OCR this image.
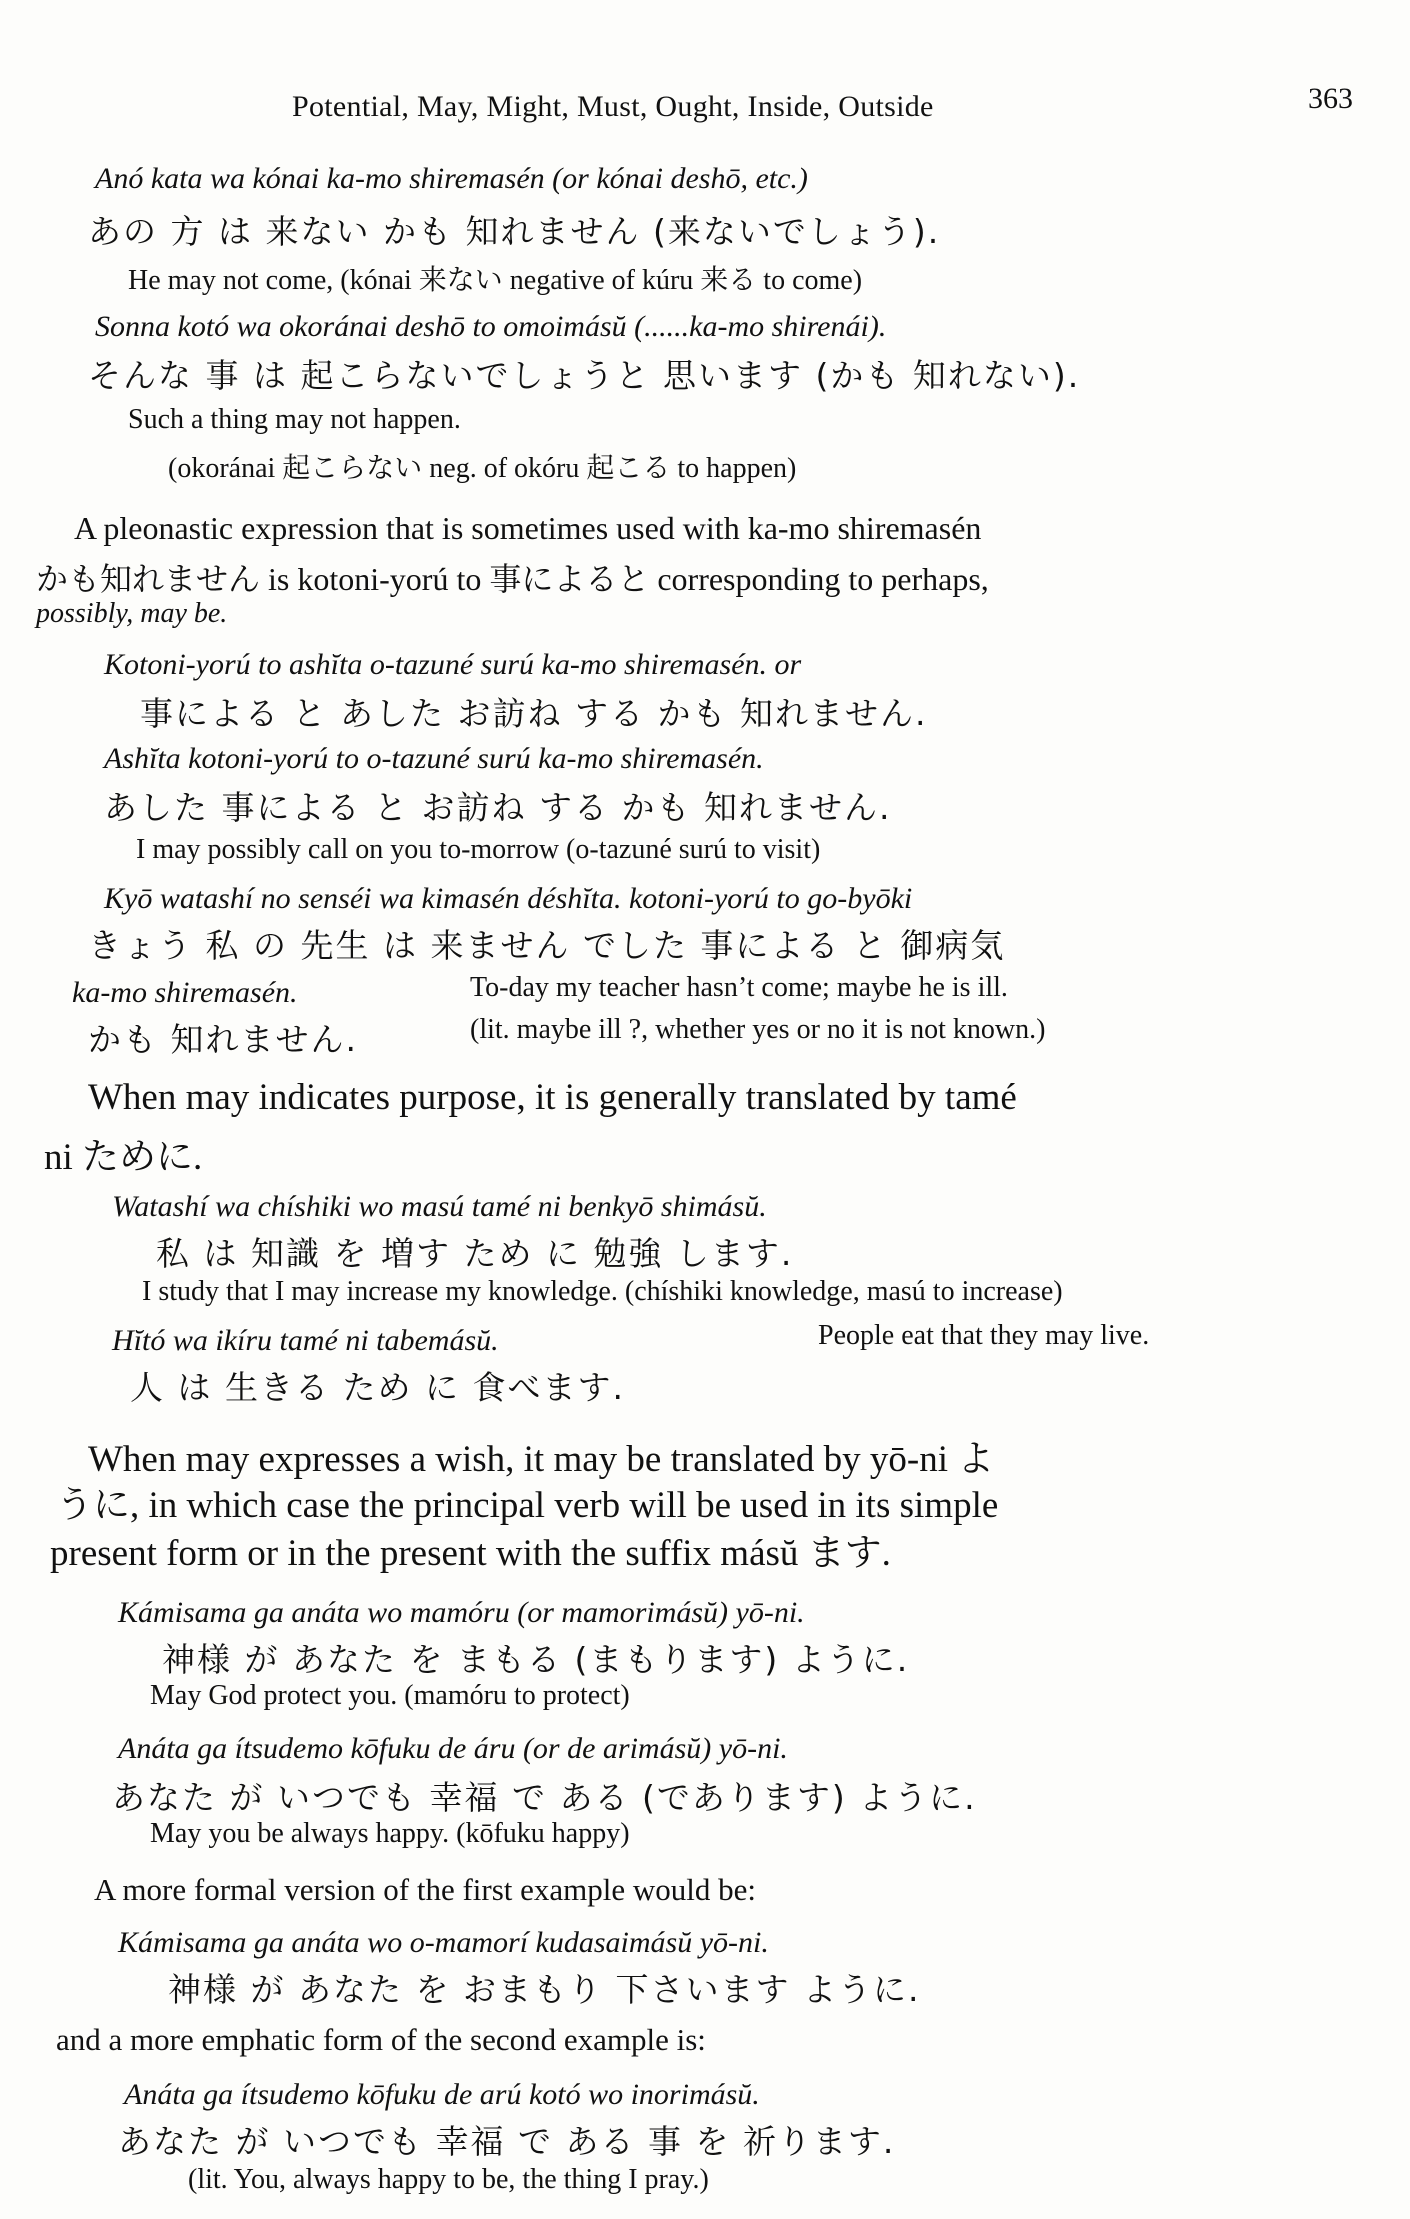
Potential, May, Might, Must, Ought, Inside, Outside	363
Anó kata wa kónai ka-mo shiremasén (or kónai deshō, etc.)
あの 方 は 来ない かも 知れません (来ないでしょう).
He may not come, (kónai 来ない negative of kúru 来る to come)
Sonna kotó wa okoránai deshō to omoimásŭ (......ka-mo shirenái).
そんな 事 は 起こらないでしょうと 思います (かも 知れない).
Such a thing may not happen.
(okoránai 起こらない neg. of okóru 起こる to happen)
A pleonastic expression that is sometimes used with ka-mo shiremasén
かも知れません is kotoni-yorú to 事によると corresponding to perhaps,
possibly, may be.
Kotoni-yorú to ashĭta o-tazuné surú ka-mo shiremasén. or
事による と あした お訪ね する かも 知れません.
Ashĭta kotoni-yorú to o-tazuné surú ka-mo shiremasén.
あした 事による と お訪ね する かも 知れません.
I may possibly call on you to-morrow (o-tazuné surú to visit)
Kyō watashí no senséi wa kimasén déshĭta. kotoni-yorú to go-byōki
きょう 私 の 先生 は 来ません でした 事による と 御病気
ka-mo shiremasén.	To-day my teacher hasn’t come; maybe he is ill.
かも 知れません.	(lit. maybe ill ?, whether yes or no it is not known.)
When may indicates purpose, it is generally translated by tamé
ni ために.
Watashí wa chíshiki wo masú tamé ni benkyō shimásŭ.
私 は 知識 を 増す ため に 勉強 します.
I study that I may increase my knowledge. (chíshiki knowledge, masú to increase)
Hĭtó wa ikíru tamé ni tabemásŭ.	People eat that they may live.
人 は 生きる ため に 食べます.
When may expresses a wish, it may be translated by yō-ni よ
うに, in which case the principal verb will be used in its simple
present form or in the present with the suffix másŭ ます.
Kámisama ga anáta wo mamóru (or mamorimásŭ) yō-ni.
神様 が あなた を まもる (まもります) ように.
May God protect you. (mamóru to protect)
Anáta ga ítsudemo kōfuku de áru (or de arimásŭ) yō-ni.
あなた が いつでも 幸福 で ある (であります) ように.
May you be always happy. (kōfuku happy)
A more formal version of the first example would be:
Kámisama ga anáta wo o-mamorí kudasaimásŭ yō-ni.
神様 が あなた を おまもり 下さいます ように.
and a more emphatic form of the second example is:
Anáta ga ítsudemo kōfuku de arú kotó wo inorimásŭ.
あなた が いつでも 幸福 で ある 事 を 祈ります.
(lit. You, always happy to be, the thing I pray.)
